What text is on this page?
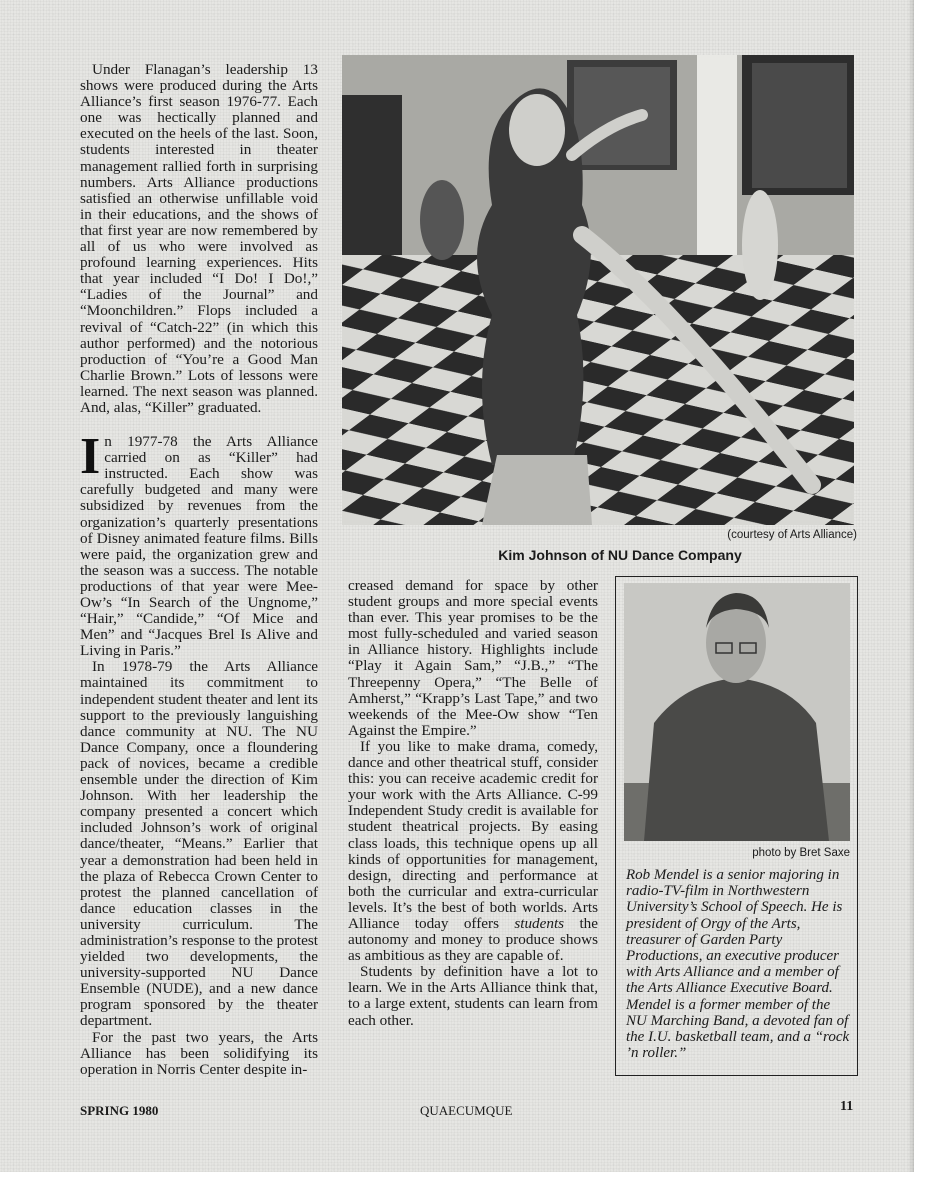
Under Flanagan’s leadership 13 shows were produced during the Arts Alliance’s first season 1976-77. Each one was hectically planned and executed on the heels of the last. Soon, students interested in theater management rallied forth in surprising numbers. Arts Alliance productions satisfied an otherwise unfillable void in their educations, and the shows of that first year are now remembered by all of us who were involved as profound learning experiences. Hits that year included “I Do! I Do!,” “Ladies of the Journal” and “Moonchildren.” Flops included a revival of “Catch-22” (in which this author performed) and the notorious production of “You’re a Good Man Charlie Brown.” Lots of lessons were learned. The next season was planned. And, alas, “Killer” graduated.

In 1977-78 the Arts Alliance carried on as “Killer” had instructed. Each show was carefully budgeted and many were subsidized by revenues from the organization’s quarterly presentations of Disney animated feature films. Bills were paid, the organization grew and the season was a success. The notable productions of that year were Mee-Ow’s “In Search of the Ungnome,” “Hair,” “Candide,” “Of Mice and Men” and “Jacques Brel Is Alive and Living in Paris.”

In 1978-79 the Arts Alliance maintained its commitment to independent student theater and lent its support to the previously languishing dance community at NU. The NU Dance Company, once a floundering pack of novices, became a credible ensemble under the direction of Kim Johnson. With her leadership the company presented a concert which included Johnson’s work of original dance/theater, “Means.” Earlier that year a demonstration had been held in the plaza of Rebecca Crown Center to protest the planned cancellation of dance education classes in the university curriculum. The administration’s response to the protest yielded two developments, the university-supported NU Dance Ensemble (NUDE), and a new dance program sponsored by the theater department.

For the past two years, the Arts Alliance has been solidifying its operation in Norris Center despite in-

(courtesy of Arts Alliance)
Kim Johnson of NU Dance Company

creased demand for space by other student groups and more special events than ever. This year promises to be the most fully-scheduled and varied season in Alliance history. Highlights include “Play it Again Sam,” “J.B.,” “The Threepenny Opera,” “The Belle of Amherst,” “Krapp’s Last Tape,” and two weekends of the Mee-Ow show “Ten Against the Empire.”

If you like to make drama, comedy, dance and other theatrical stuff, consider this: you can receive academic credit for your work with the Arts Alliance. C-99 Independent Study credit is available for student theatrical projects. By easing class loads, this technique opens up all kinds of opportunities for management, design, directing and performance at both the curricular and extra-curricular levels. It’s the best of both worlds. Arts Alliance today offers students the autonomy and money to produce shows as ambitious as they are capable of.

Students by definition have a lot to learn. We in the Arts Alliance think that, to a large extent, students can learn from each other.

photo by Bret Saxe
Rob Mendel is a senior majoring in radio-TV-film in Northwestern University’s School of Speech. He is president of Orgy of the Arts, treasurer of Garden Party Productions, an executive producer with Arts Alliance and a member of the Arts Alliance Executive Board. Mendel is a former member of the NU Marching Band, a devoted fan of the I.U. basketball team, and a “rock ’n roller.”
SPRING 1980	QUAECUMQUE	11
